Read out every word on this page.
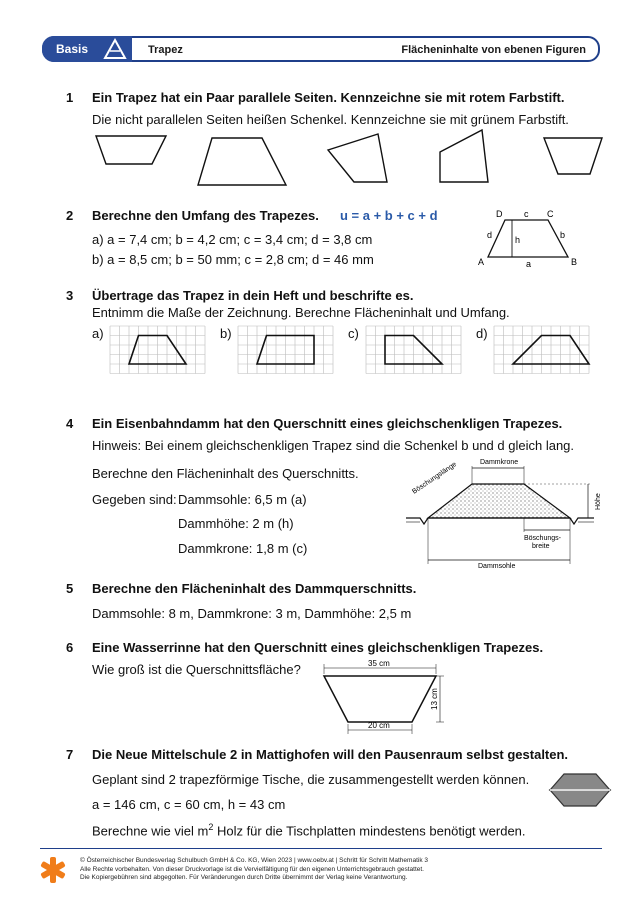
Basis	Trapez	Flächeninhalte von ebenen Figuren
1 Ein Trapez hat ein Paar parallele Seiten. Kennzeichne sie mit rotem Farbstift.
Die nicht parallelen Seiten heißen Schenkel. Kennzeichne sie mit grünem Farbstift.
2 Berechne den Umfang des Trapezes. u = a + b + c + d
a) a = 7,4 cm; b = 4,2 cm; c = 3,4 cm; d = 3,8 cm
b) a = 8,5 cm; b = 50 mm; c = 2,8 cm; d = 46 mm
D	C
A	B
c
a
b
d	h
3 Übertrage das Trapez in dein Heft und beschrifte es.
Entnimm die Maße der Zeichnung. Berechne Flächeninhalt und Umfang.
a)	b)	c)	d)
4 Ein Eisenbahndamm hat den Querschnitt eines gleichschenkligen Trapezes.
Hinweis: Bei einem gleichschenkligen Trapez sind die Schenkel b und d gleich lang.
Berechne den Flächeninhalt des Querschnitts.
Gegeben sind: Dammsohle: 6,5 m (a)
Dammhöhe: 2 m (h)
Dammkrone: 1,8 m (c)
Dammkrone
Böschungslänge
Höhe
Böschungs-
breite
Dammsohle
5 Berechne den Flächeninhalt des Dammquerschnitts.
Dammsohle: 8 m, Dammkrone: 3 m, Dammhöhe: 2,5 m
6 Eine Wasserrinne hat den Querschnitt eines gleichschenkligen Trapezes.
Wie groß ist die Querschnittsfläche?	35 cm
20 cm
13 cm
7 Die Neue Mittelschule 2 in Mattighofen will den Pausenraum selbst gestalten.
Geplant sind 2 trapezförmige Tische, die zusammengestellt werden können.
a = 146 cm, c = 60 cm, h = 43 cm
Berechne wie viel $m^2$ Holz für die Tischplatten mindestens benötigt werden.
© Österreichischer Bundesverlag Schulbuch GmbH & Co. KG, Wien 2023 | www.oebv.at | Schritt für Schritt Mathematik 3
Alle Rechte vorbehalten. Von dieser Druckvorlage ist die Vervielfältigung für den eigenen Unterrichtsgebrauch gestattet.
Die Kopiergebühren sind abgegolten. Für Veränderungen durch Dritte übernimmt der Verlag keine Verantwortung.
